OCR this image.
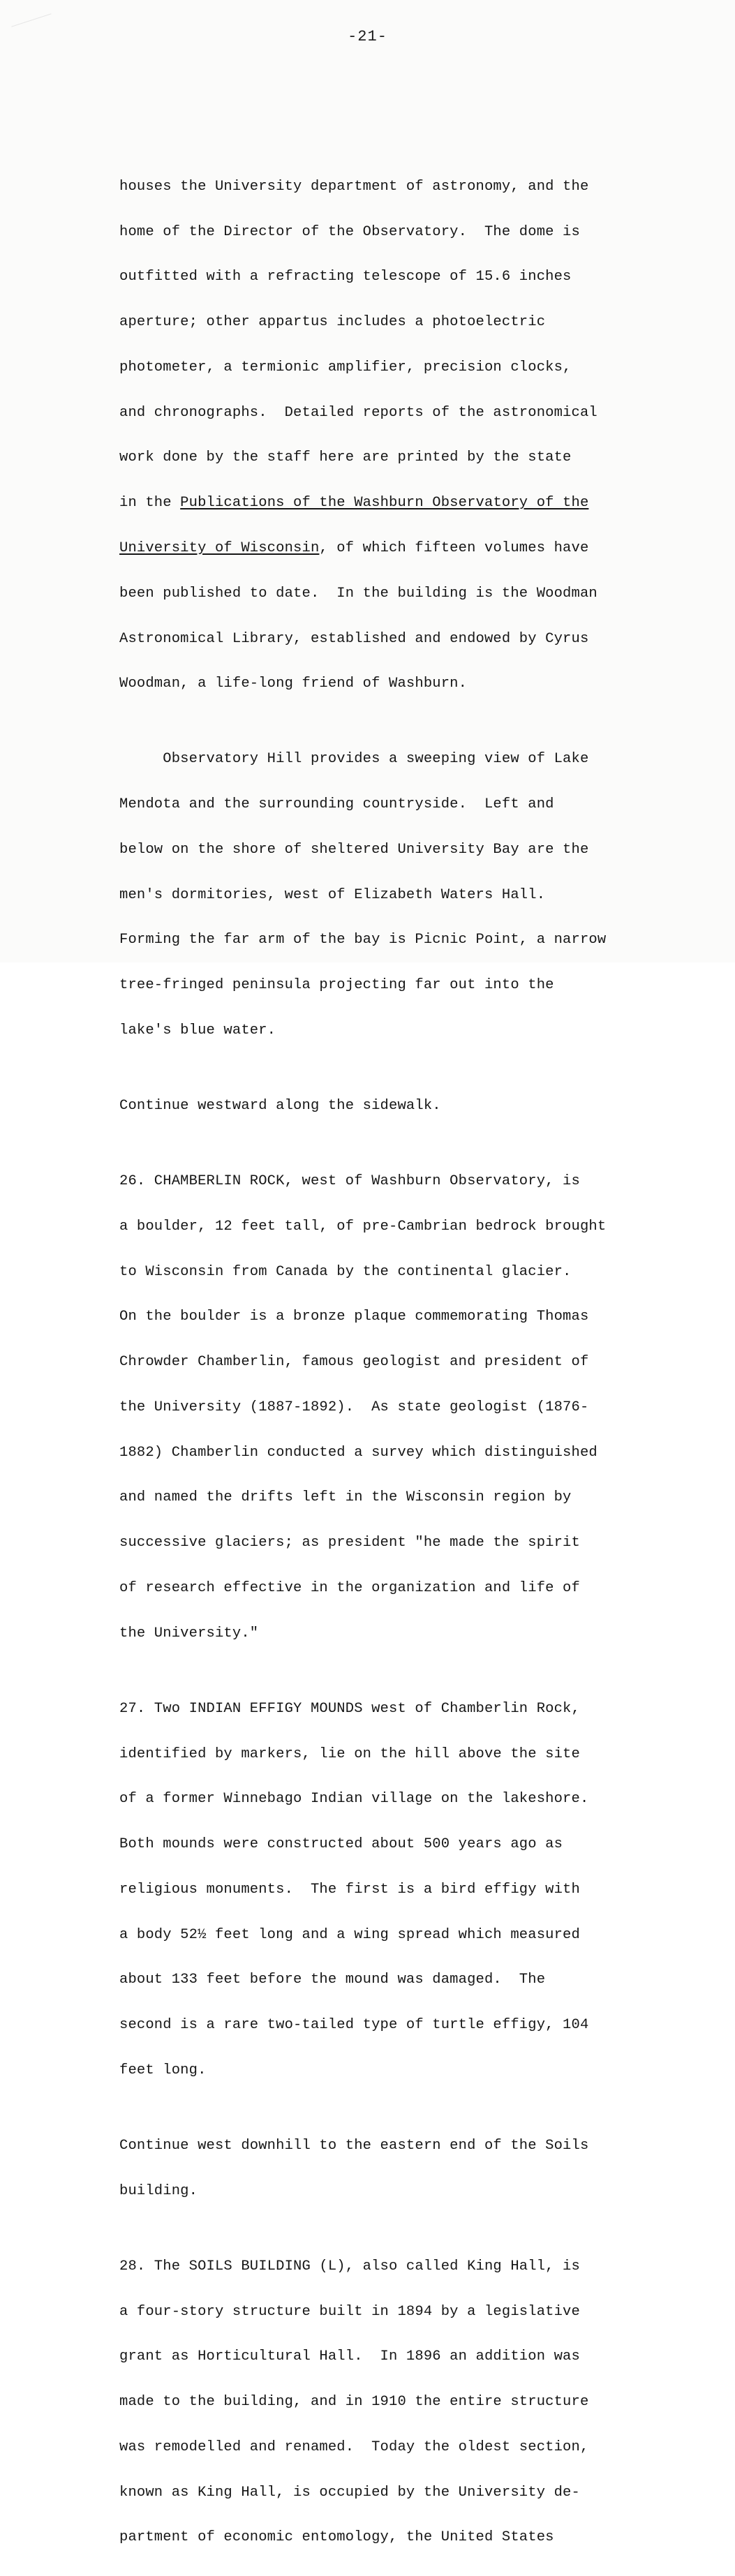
-21-

houses the University department of astronomy, and the

home of the Director of the Observatory.  The dome is

outfitted with a refracting telescope of 15.6 inches

aperture; other appartus includes a photoelectric

photometer, a termionic amplifier, precision clocks,

and chronographs.  Detailed reports of the astronomical

work done by the staff here are printed by the state

in the Publications of the Washburn Observatory of the

University of Wisconsin, of which fifteen volumes have

been published to date.  In the building is the Woodman

Astronomical Library, established and endowed by Cyrus

Woodman, a life-long friend of Washburn.

Observatory Hill provides a sweeping view of Lake

Mendota and the surrounding countryside.  Left and

below on the shore of sheltered University Bay are the

men's dormitories, west of Elizabeth Waters Hall.

Forming the far arm of the bay is Picnic Point, a narrow

tree-fringed peninsula projecting far out into the

lake's blue water.

Continue westward along the sidewalk.

26. CHAMBERLIN ROCK, west of Washburn Observatory, is

a boulder, 12 feet tall, of pre-Cambrian bedrock brought

to Wisconsin from Canada by the continental glacier.

On the boulder is a bronze plaque commemorating Thomas

Chrowder Chamberlin, famous geologist and president of

the University (1887-1892).  As state geologist (1876-

1882) Chamberlin conducted a survey which distinguished

and named the drifts left in the Wisconsin region by

successive glaciers; as president "he made the spirit

of research effective in the organization and life of

the University."

27. Two INDIAN EFFIGY MOUNDS west of Chamberlin Rock,

identified by markers, lie on the hill above the site

of a former Winnebago Indian village on the lakeshore.

Both mounds were constructed about 500 years ago as

religious monuments.  The first is a bird effigy with

a body 52½ feet long and a wing spread which measured

about 133 feet before the mound was damaged.  The

second is a rare two-tailed type of turtle effigy, 104

feet long.

Continue west downhill to the eastern end of the Soils

building.

28. The SOILS BUILDING (L), also called King Hall, is

a four-story structure built in 1894 by a legislative

grant as Horticultural Hall.  In 1896 an addition was

made to the building, and in 1910 the entire structure

was remodelled and renamed.  Today the oldest section,

known as King Hall, is occupied by the University de-

partment of economic entomology, the United States
